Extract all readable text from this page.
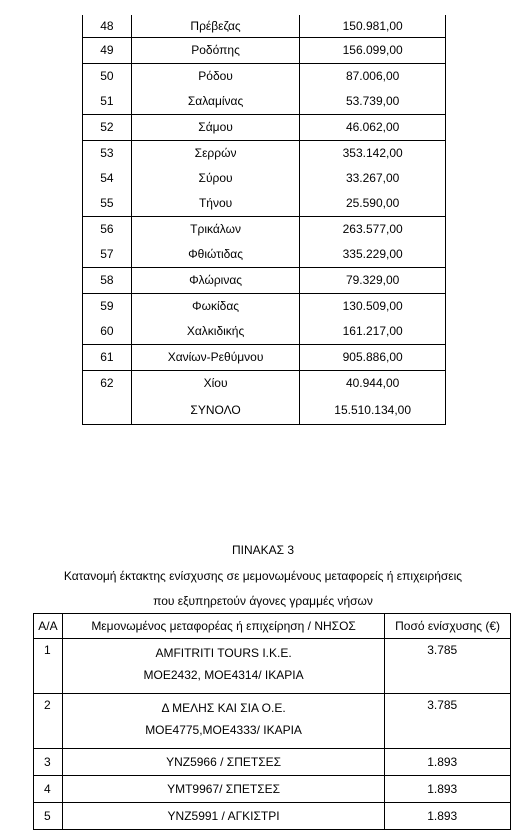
48	Πρέβεζας	150.981,00
49	Ροδόπης	156.099,00
50	Ρόδου	87.006,00
51	Σαλαμίνας	53.739,00
52	Σάμου	46.062,00
53	Σερρών	353.142,00
54	Σύρου	33.267,00
55	Τήνου	25.590,00
56	Τρικάλων	263.577,00
57	Φθιώτιδας	335.229,00
58	Φλώρινας	79.329,00
59	Φωκίδας	130.509,00
60	Χαλκιδικής	161.217,00
61	Χανίων-Ρεθύμνου	905.886,00
62	Χίου	40.944,00
	ΣΥΝΟΛΟ	15.510.134,00
ΠΙΝΑΚΑΣ 3
Κατανομή έκτακτης ενίσχυσης σε μεμονωμένους μεταφορείς ή επιχειρήσεις
που εξυπηρετούν άγονες γραμμές νήσων
Α/Α	Μεμονωμένος μεταφορέας ή επιχείρηση / ΝΗΣΟΣ	Ποσό ενίσχυσης (€)
1	AMFITRITI TOURS I.K.E.
MOE2432, MOE4314/ ΙΚΑΡΙΑ	3.785
2	Δ ΜΕΛΗΣ ΚΑΙ ΣΙΑ Ο.Ε.
ΜΟΕ4775,ΜΟΕ4333/ ΙΚΑΡΙΑ	3.785
3	ΥΝΖ5966 / ΣΠΕΤΣΕΣ	1.893
4	ΥΜΤ9967/ ΣΠΕΤΣΕΣ	1.893
5	ΥΝΖ5991 / ΑΓΚΙΣΤΡΙ	1.893
